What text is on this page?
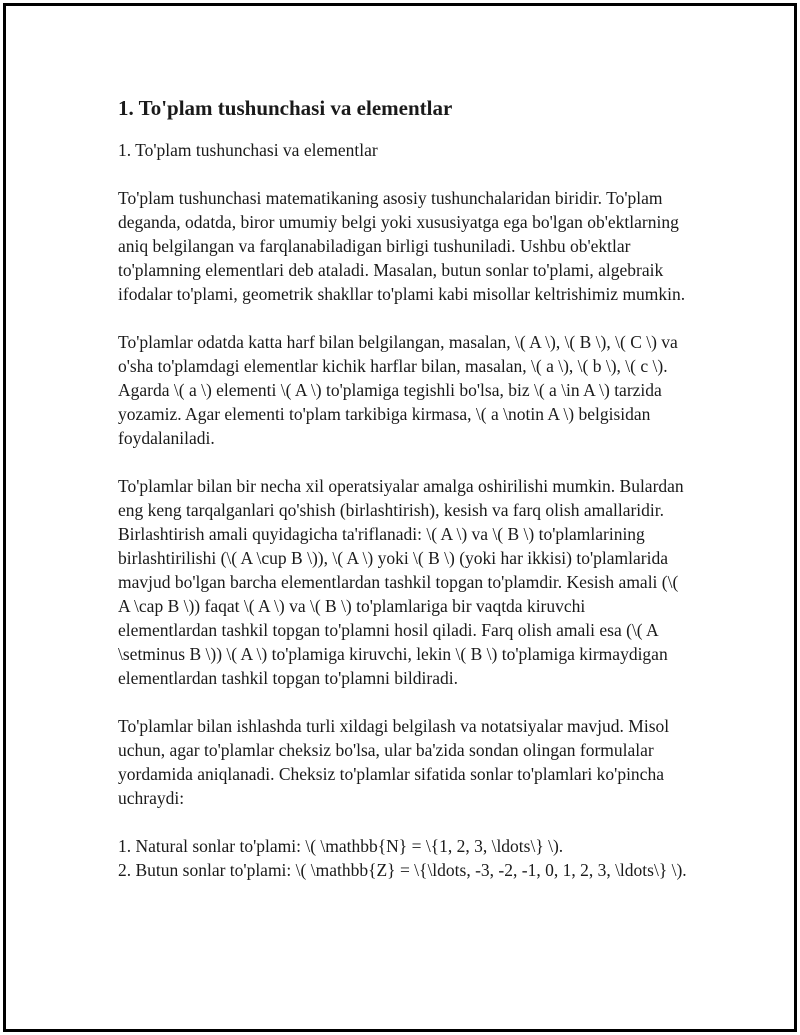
1. To'plam tushunchasi va elementlar

1. To'plam tushunchasi va elementlar

To'plam tushunchasi matematikaning asosiy tushunchalaridan biridir. To'plam deganda, odatda, biror umumiy belgi yoki xususiyatga ega bo'lgan ob'ektlarning aniq belgilangan va farqlanabiladigan birligi tushuniladi. Ushbu ob'ektlar to'plamning elementlari deb ataladi. Masalan, butun sonlar to'plami, algebraik ifodalar to'plami, geometrik shakllar to'plami kabi misollar keltrishimiz mumkin.

To'plamlar odatda katta harf bilan belgilangan, masalan, \( A \), \( B \), \( C \) va o'sha to'plamdagi elementlar kichik harflar bilan, masalan, \( a \), \( b \), \( c \). Agarda \( a \) elementi \( A \) to'plamiga tegishli bo'lsa, biz \( a \in A \) tarzida yozamiz. Agar elementi to'plam tarkibiga kirmasa, \( a \notin A \) belgisidan foydalaniladi.

To'plamlar bilan bir necha xil operatsiyalar amalga oshirilishi mumkin. Bulardan eng keng tarqalganlari qo'shish (birlashtirish), kesish va farq olish amallaridir. Birlashtirish amali quyidagicha ta'riflanadi: \( A \) va \( B \) to'plamlarining birlashtirilishi (\( A \cup B \)), \( A \) yoki \( B \) (yoki har ikkisi) to'plamlarida mavjud bo'lgan barcha elementlardan tashkil topgan to'plamdir. Kesish amali (\( A \cap B \)) faqat \( A \) va \( B \) to'plamlariga bir vaqtda kiruvchi elementlardan tashkil topgan to'plamni hosil qiladi. Farq olish amali esa (\( A \setminus B \)) \( A \) to'plamiga kiruvchi, lekin \( B \) to'plamiga kirmaydigan elementlardan tashkil topgan to'plamni bildiradi.

To'plamlar bilan ishlashda turli xildagi belgilash va notatsiyalar mavjud. Misol uchun, agar to'plamlar cheksiz bo'lsa, ular ba'zida sondan olingan formulalar yordamida aniqlanadi. Cheksiz to'plamlar sifatida sonlar to'plamlari ko'pincha uchraydi:

1. Natural sonlar to'plami: \( \mathbb{N} = \{1, 2, 3, \ldots\} \).

2. Butun sonlar to'plami: \( \mathbb{Z} = \{\ldots, -3, -2, -1, 0, 1, 2, 3, \ldots\} \).
